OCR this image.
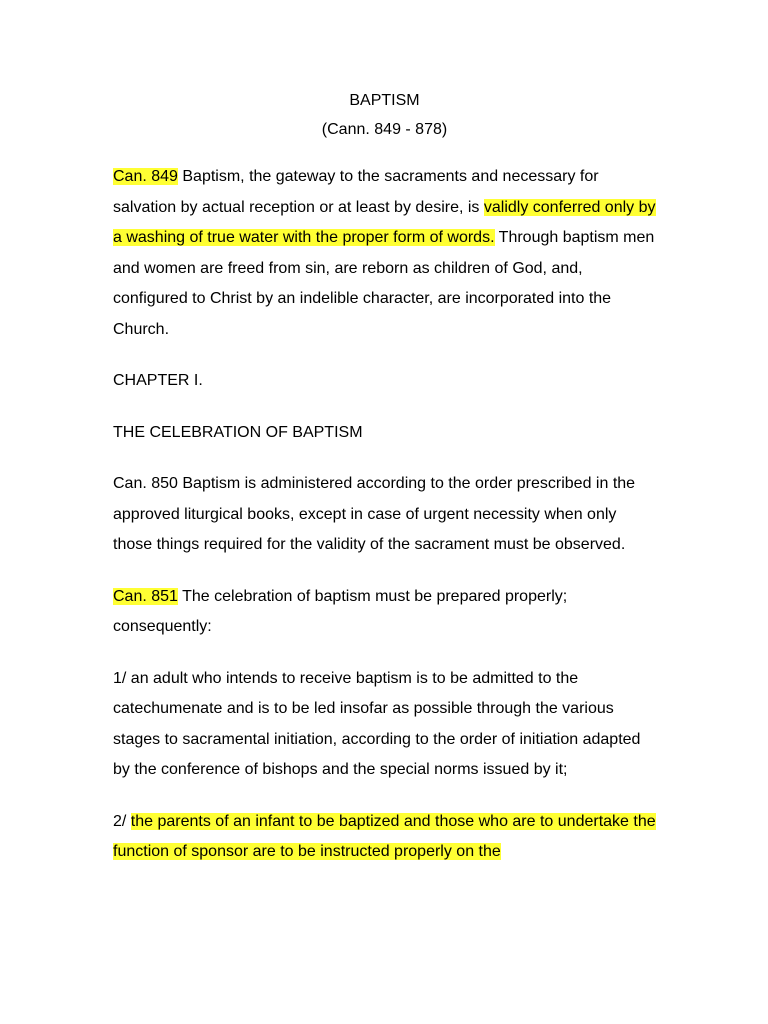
BAPTISM

(Cann. 849 - 878)

Can. 849 Baptism, the gateway to the sacraments and necessary for salvation by actual reception or at least by desire, is validly conferred only by a washing of true water with the proper form of words. Through baptism men and women are freed from sin, are reborn as children of God, and, configured to Christ by an indelible character, are incorporated into the Church.

CHAPTER I.

THE CELEBRATION OF BAPTISM

Can. 850 Baptism is administered according to the order prescribed in the approved liturgical books, except in case of urgent necessity when only those things required for the validity of the sacrament must be observed.

Can. 851 The celebration of baptism must be prepared properly; consequently:

1/ an adult who intends to receive baptism is to be admitted to the catechumenate and is to be led insofar as possible through the various stages to sacramental initiation, according to the order of initiation adapted by the conference of bishops and the special norms issued by it;

2/ the parents of an infant to be baptized and those who are to undertake the function of sponsor are to be instructed properly on the
